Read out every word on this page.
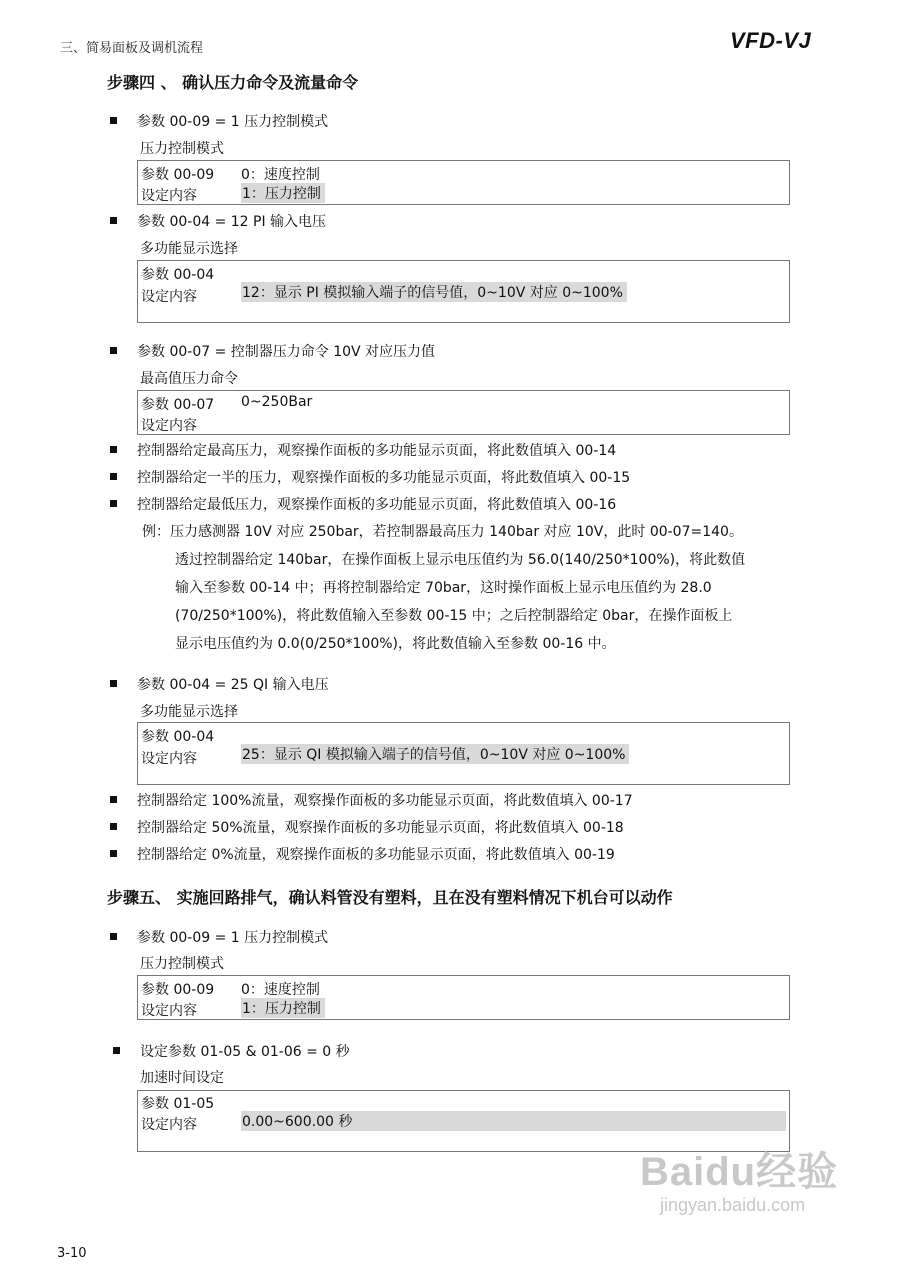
三、简易面板及调机流程	VFD-VJ
步骤四 、 确认压力命令及流量命令
参数 00-09 = 1 压力控制模式
压力控制模式
参数 00-09 0：速度控制
设定内容	1：压力控制
参数 00-04 = 12 PI 输入电压
多功能显示选择
参数 00-04
设定内容	12：显示 PI 模拟输入端子的信号值，0~10V 对应 0~100%
参数 00-07 = 控制器压力命令 10V 对应压力值
最高值压力命令
参数 00-07 0~250Bar
设定内容
控制器给定最高压力，观察操作面板的多功能显示页面，将此数值填入 00-14
控制器给定一半的压力，观察操作面板的多功能显示页面，将此数值填入 00-15
控制器给定最低压力，观察操作面板的多功能显示页面，将此数值填入 00-16
例：压力感测器 10V 对应 250bar，若控制器最高压力 140bar 对应 10V，此时 00-07=140。
透过控制器给定 140bar，在操作面板上显示电压值约为 56.0(140/250*100%)，将此数值
输入至参数 00-14 中；再将控制器给定 70bar，这时操作面板上显示电压值约为 28.0
(70/250*100%)，将此数值输入至参数 00-15 中；之后控制器给定 0bar，在操作面板上
显示电压值约为 0.0(0/250*100%)，将此数值输入至参数 00-16 中。
参数 00-04 = 25 QI 输入电压
多功能显示选择
参数 00-04
设定内容	25：显示 QI 模拟输入端子的信号值，0~10V 对应 0~100%
控制器给定 100%流量，观察操作面板的多功能显示页面，将此数值填入 00-17
控制器给定 50%流量，观察操作面板的多功能显示页面，将此数值填入 00-18
控制器给定 0%流量，观察操作面板的多功能显示页面，将此数值填入 00-19
步骤五、 实施回路排气，确认料管没有塑料，且在没有塑料情况下机台可以动作
参数 00-09 = 1 压力控制模式
压力控制模式
参数 00-09 0：速度控制
设定内容	1：压力控制
设定参数 01-05 & 01-06 = 0 秒
加速时间设定
参数 01-05
设定内容	0.00~600.00 秒
Baidu经验
jingyan.baidu.com
3-10
